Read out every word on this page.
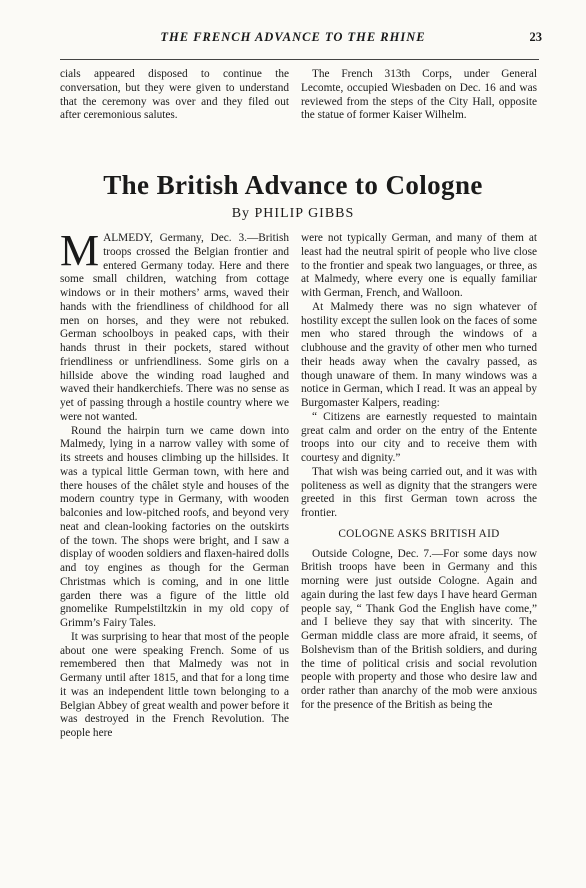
THE FRENCH ADVANCE TO THE RHINE	23

cials appeared disposed to continue the conversation, but they were given to understand that the ceremony was over and they filed out after ceremonious salutes.

The French 313th Corps, under General Lecomte, occupied Wiesbaden on Dec. 16 and was reviewed from the steps of the City Hall, opposite the statue of former Kaiser Wilhelm.

The British Advance to Cologne
By PHILIP GIBBS

MALMEDY, Germany, Dec. 3.—British troops crossed the Belgian frontier and entered Germany today. Here and there some small children, watching from cottage windows or in their mothers’ arms, waved their hands with the friendliness of childhood for all men on horses, and they were not rebuked. German schoolboys in peaked caps, with their hands thrust in their pockets, stared without friendliness or unfriendliness. Some girls on a hillside above the winding road laughed and waved their handkerchiefs. There was no sense as yet of passing through a hostile country where we were not wanted.

Round the hairpin turn we came down into Malmedy, lying in a narrow valley with some of its streets and houses climbing up the hillsides. It was a typical little German town, with here and there houses of the châlet style and houses of the modern country type in Germany, with wooden balconies and low-pitched roofs, and beyond very neat and clean-looking factories on the outskirts of the town. The shops were bright, and I saw a display of wooden soldiers and flaxen-haired dolls and toy engines as though for the German Christmas which is coming, and in one little garden there was a figure of the little old gnomelike Rumpelstiltzkin in my old copy of Grimm’s Fairy Tales.

It was surprising to hear that most of the people about one were speaking French. Some of us remembered then that Malmedy was not in Germany until after 1815, and that for a long time it was an independent little town belonging to a Belgian Abbey of great wealth and power before it was destroyed in the French Revolution. The people here

were not typically German, and many of them at least had the neutral spirit of people who live close to the frontier and speak two languages, or three, as at Malmedy, where every one is equally familiar with German, French, and Walloon.

At Malmedy there was no sign whatever of hostility except the sullen look on the faces of some men who stared through the windows of a clubhouse and the gravity of other men who turned their heads away when the cavalry passed, as though unaware of them. In many windows was a notice in German, which I read. It was an appeal by Burgomaster Kalpers, reading:

“ Citizens are earnestly requested to maintain great calm and order on the entry of the Entente troops into our city and to receive them with courtesy and dignity.”

That wish was being carried out, and it was with politeness as well as dignity that the strangers were greeted in this first German town across the frontier.

COLOGNE ASKS BRITISH AID

Outside Cologne, Dec. 7.—For some days now British troops have been in Germany and this morning were just outside Cologne. Again and again during the last few days I have heard German people say, “ Thank God the English have come,” and I believe they say that with sincerity. The German middle class are more afraid, it seems, of Bolshevism than of the British soldiers, and during the time of political crisis and social revolution people with property and those who desire law and order rather than anarchy of the mob were anxious for the presence of the British as being the
